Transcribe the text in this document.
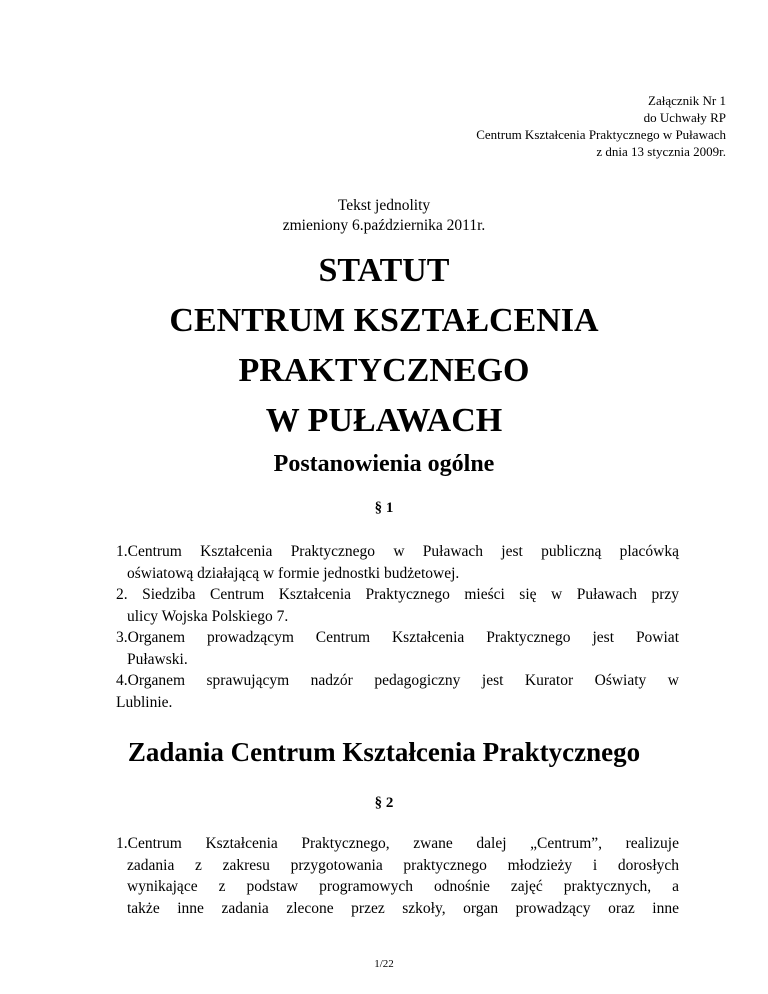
Załącznik Nr 1
do Uchwały RP
Centrum Kształcenia Praktycznego w Puławach
z dnia 13 stycznia 2009r.
Tekst jednolity
zmieniony 6.października 2011r.
STATUT
CENTRUM KSZTAŁCENIA
PRAKTYCZNEGO
W PUŁAWACH
Postanowienia ogólne
§ 1
1.Centrum Kształcenia Praktycznego w Puławach jest publiczną placówką
oświatową działającą w formie jednostki budżetowej.
2. Siedziba Centrum Kształcenia Praktycznego mieści się w Puławach przy
ulicy Wojska Polskiego 7.
3.Organem prowadzącym Centrum Kształcenia Praktycznego jest Powiat
Puławski.
4.Organem sprawującym nadzór pedagogiczny jest Kurator Oświaty w
Lublinie.
Zadania Centrum Kształcenia Praktycznego
§ 2
1.Centrum Kształcenia Praktycznego, zwane dalej „Centrum”, realizuje
zadania z zakresu przygotowania praktycznego młodzieży i dorosłych
wynikające z podstaw programowych odnośnie zajęć praktycznych, a
także inne zadania zlecone przez szkoły, organ prowadzący oraz inne
1/22
